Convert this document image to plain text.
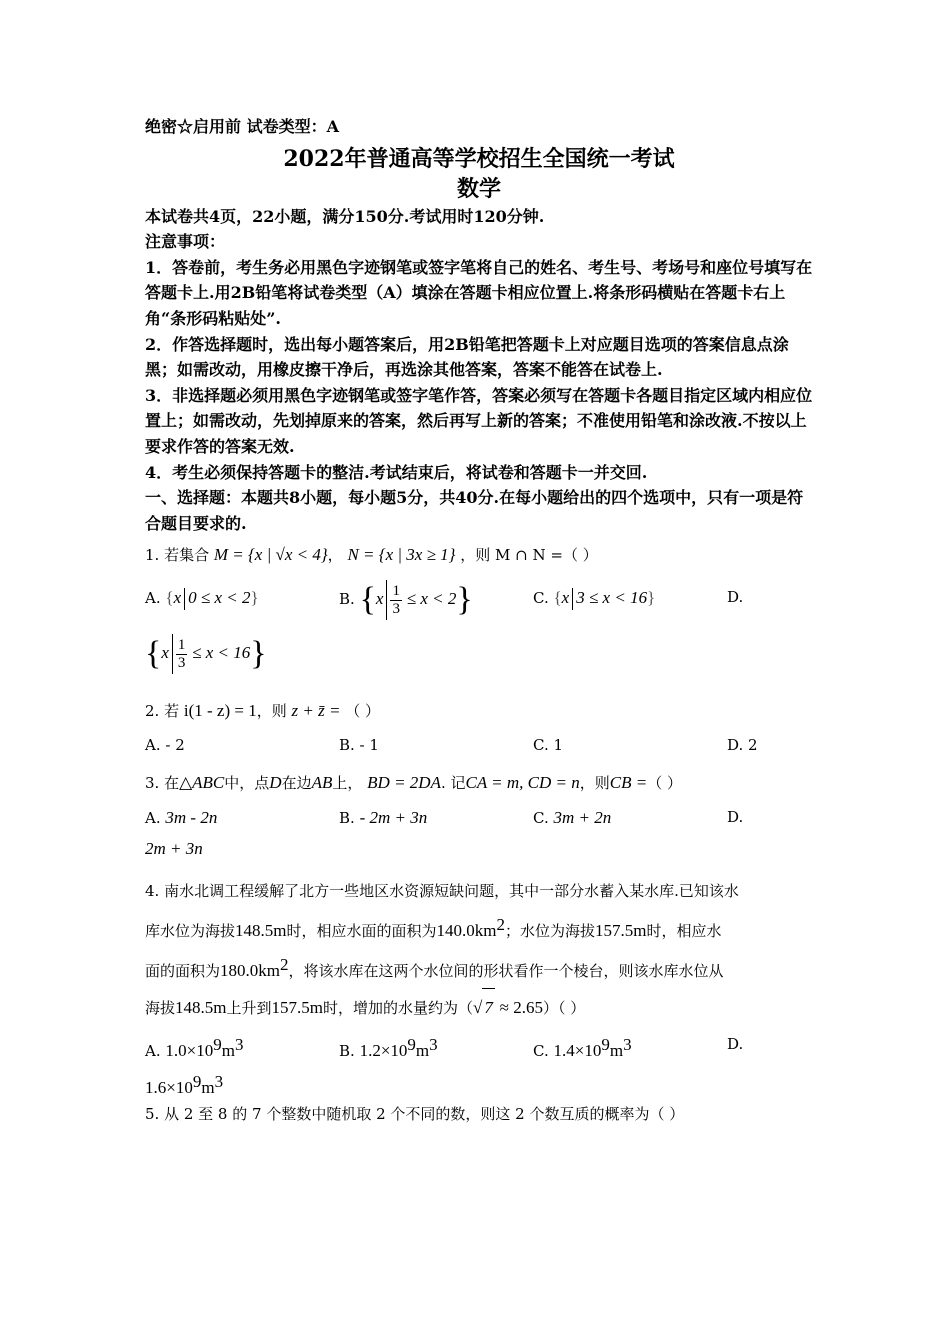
绝密☆启用前 试卷类型：A
2022年普通高等学校招生全国统一考试
数学
本试卷共4页，22小题，满分150分.考试用时120分钟.
注意事项：
1．答卷前，考生务必用黑色字迹钢笔或签字笔将自己的姓名、考生号、考场号和座位号填写在答题卡上.用2B铅笔将试卷类型（A）填涂在答题卡相应位置上.将条形码横贴在答题卡右上角“条形码粘贴处”.
2．作答选择题时，选出每小题答案后，用2B铅笔把答题卡上对应题目选项的答案信息点涂黑；如需改动，用橡皮擦干净后，再选涂其他答案，答案不能答在试卷上.
3．非选择题必须用黑色字迹钢笔或签字笔作答，答案必须写在答题卡各题目指定区域内相应位置上；如需改动，先划掉原来的答案，然后再写上新的答案；不准使用铅笔和涂改液.不按以上要求作答的答案无效.
4．考生必须保持答题卡的整洁.考试结束后，将试卷和答题卡一并交回.
一、选择题：本题共8小题，每小题5分，共40分.在每小题给出的四个选项中，只有一项是符合题目要求的.
1. 若集合 M = {x | √x < 4}， N = {x | 3x ≥ 1} ，则 M ∩ N =（ ）
A. {x 0 ≤ x < 2}	B. $\{x \frac{1}{3} \le x < 2\}$	C. {x 3 ≤ x < 16}	D.
$\{x \frac{1}{3} \le x < 16\}$
2. 若 i(1 - z) = 1，则 z + z̄ = （ ）
A. - 2	B. - 1	C. 1	D. 2
3. 在△ABC中，点D在边AB上， BD = 2DA. 记CA = m, CD = n，则CB =（ ）
A. 3m - 2n	B. - 2m + 3n	C. 3m + 2n	D.
2m + 3n
4. 南水北调工程缓解了北方一些地区水资源短缺问题，其中一部分水蓄入某水库.已知该水
库水位为海拔148.5m时，相应水面的面积为$140.0km^2$；水位为海拔157.5m时，相应水
面的面积为$180.0km^2$，将该水库在这两个水位间的形状看作一个棱台，则该水库水位从
海拔148.5m上升到157.5m时，增加的水量约为（√ 7 ≈ 2.65）（ ）
A. $1.0\times 10^9m^3$	B. $1.2\times 10^9m^3$	C. $1.4\times 10^9m^3$	D.
$1.6\times 10^9m^3$
5. 从 2 至 8 的 7 个整数中随机取 2 个不同的数，则这 2 个数互质的概率为（ ）
